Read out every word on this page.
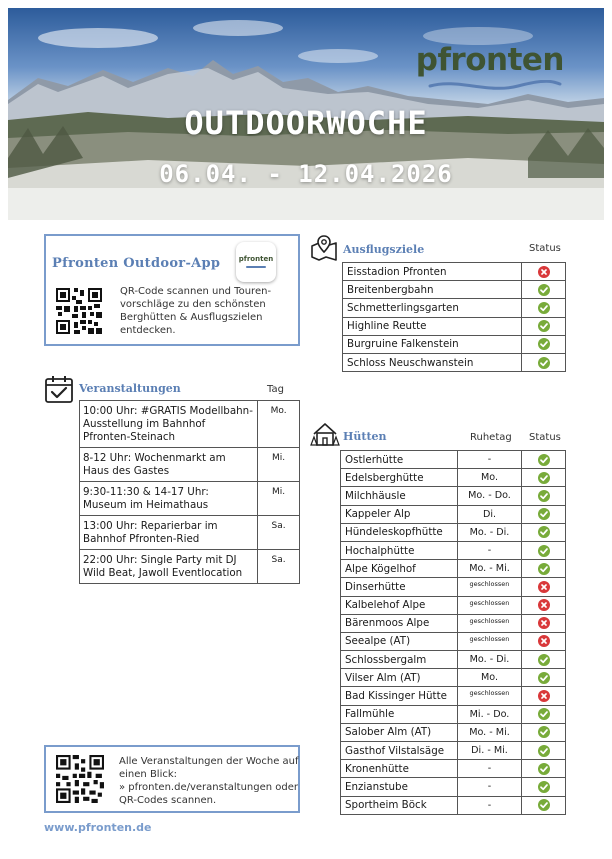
pfronten
OUTDOORWOCHE
06.04. - 12.04.2026
Pfronten Outdoor-App	pfronten
QR-Code scannen und Tourenvorschläge zu den schönsten Berghütten & Ausflugszielen entdecken.
Ausflugsziele	Status
Eisstadion Pfronten	

Breitenbergbahn	

Schmetterlingsgarten	

Highline Reutte	

Burgruine Falkenstein	

Schloss Neuschwanstein	
Veranstaltungen	Tag
10:00 Uhr: #GRATIS Modellbahn-Ausstellung im Bahnhof Pfronten-Steinach	Mo.
8-12 Uhr: Wochenmarkt am Haus des Gastes	Mi.
9:30-11:30 & 14-17 Uhr: Museum im Heimathaus	Mi.
13:00 Uhr: Reparierbar im Bahnhof Pfronten-Ried	Sa.
22:00 Uhr: Single Party mit DJ Wild Beat, Jawoll Eventlocation	Sa.
Hütten	Ruhetag Status
Ostlerhütte	-	

Edelsberghütte	Mo.	

Milchhäusle	Mo. - Do.	

Kappeler Alp	Di.	

Hündeleskopfhütte	Mo. - Di.	

Hochalphütte	-	

Alpe Kögelhof	Mo. - Mi.	

Dinserhütte	geschlossen	

Kalbelehof Alpe	geschlossen	

Bärenmoos Alpe	geschlossen	

Seealpe (AT)	geschlossen	

Schlossbergalm	Mo. - Di.	

Vilser Alm (AT)	Mo.	

Bad Kissinger Hütte	geschlossen	

Fallmühle	Mi. - Do.	

Salober Alm (AT)	Mo. - Mi.	

Gasthof Vilstalsäge	Di. - Mi.	

Kronenhütte	-	

Enzianstube	-	

Sportheim Böck	-	
Alle Veranstaltungen der Woche auf einen Blick:
» pfronten.de/veranstaltungen oder QR-Codes scannen.
www.pfronten.de
